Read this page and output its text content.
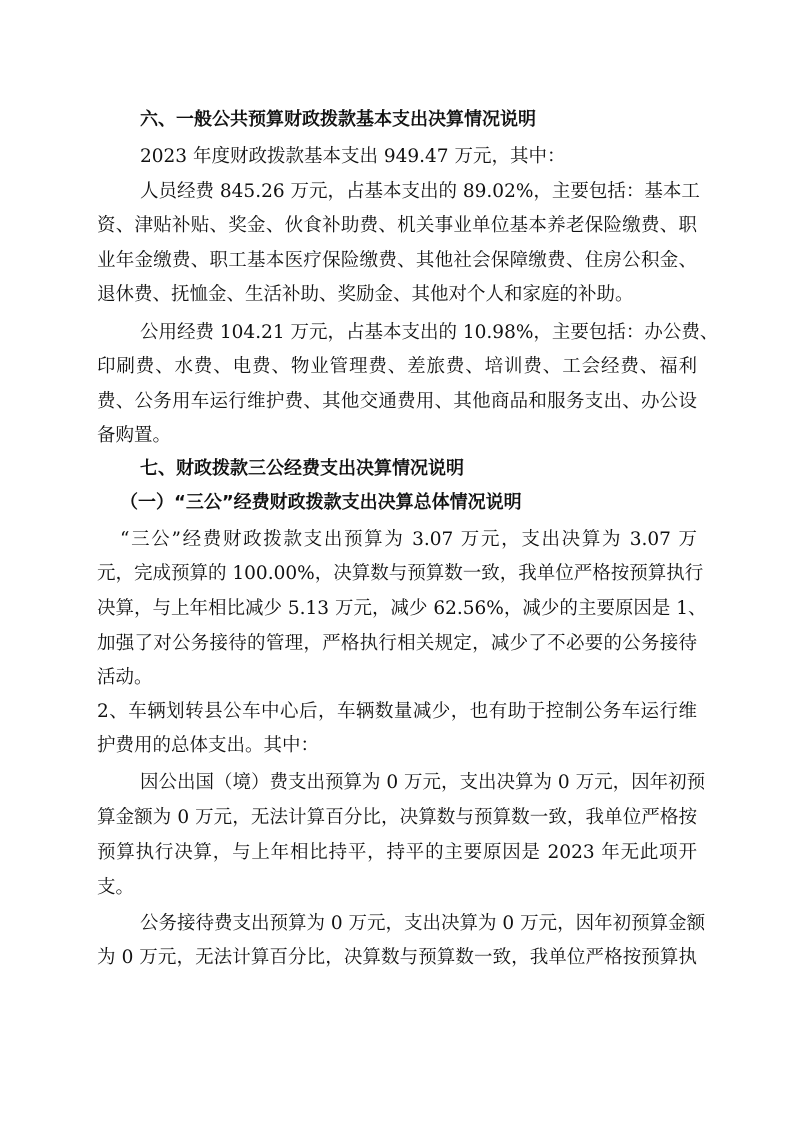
六、一般公共预算财政拨款基本支出决算情况说明
2023 年度财政拨款基本支出 949.47 万元，其中：
人员经费 845.26 万元，占基本支出的 89.02%，主要包括：基本工
资、津贴补贴、奖金、伙食补助费、机关事业单位基本养老保险缴费、职
业年金缴费、职工基本医疗保险缴费、其他社会保障缴费、住房公积金、
退休费、抚恤金、生活补助、奖励金、其他对个人和家庭的补助。
公用经费 104.21 万元，占基本支出的 10.98%，主要包括：办公费、
印刷费、水费、电费、物业管理费、差旅费、培训费、工会经费、福利
费、公务用车运行维护费、其他交通费用、其他商品和服务支出、办公设
备购置。
七、财政拨款三公经费支出决算情况说明
（一）“三公”经费财政拨款支出决算总体情况说明
“三公”经费财政拨款支出预算为 3.07 万元，支出决算为 3.07 万
元，完成预算的 100.00%，决算数与预算数一致，我单位严格按预算执行
决算，与上年相比减少 5.13 万元，减少 62.56%，减少的主要原因是 1、
加强了对公务接待的管理，严格执行相关规定，减少了不必要的公务接待
活动。
2、车辆划转县公车中心后，车辆数量减少，也有助于控制公务车运行维
护费用的总体支出。其中：
因公出国（境）费支出预算为 0 万元，支出决算为 0 万元，因年初预
算金额为 0 万元，无法计算百分比，决算数与预算数一致，我单位严格按
预算执行决算，与上年相比持平，持平的主要原因是 2023 年无此项开
支。
公务接待费支出预算为 0 万元，支出决算为 0 万元，因年初预算金额
为 0 万元，无法计算百分比，决算数与预算数一致，我单位严格按预算执
